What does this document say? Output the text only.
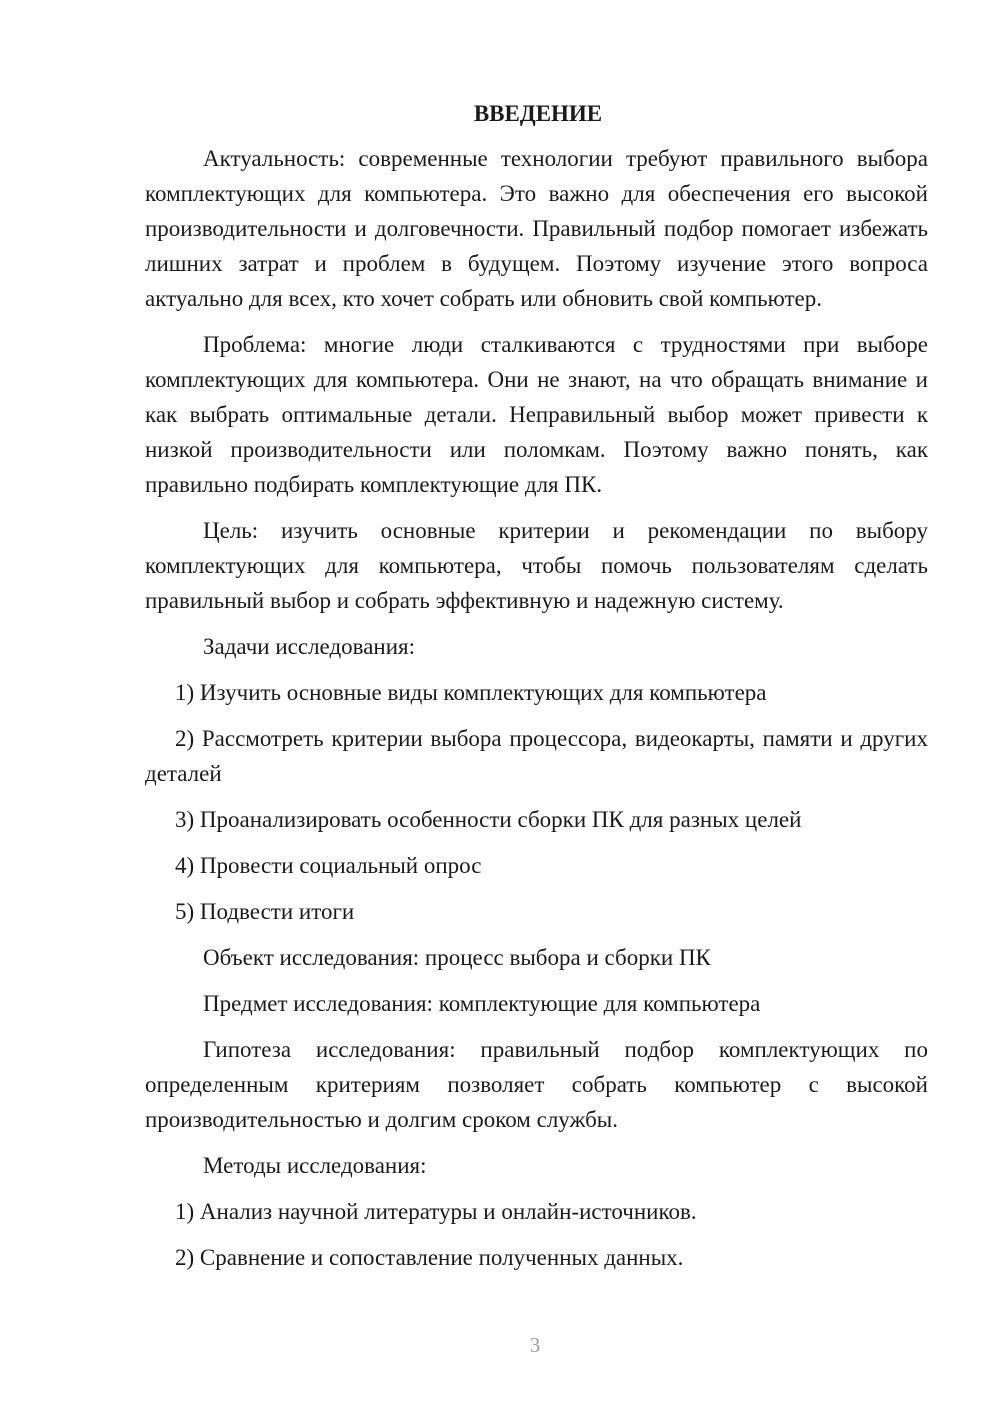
ВВЕДЕНИЕ
Актуальность: современные технологии требуют правильного выбора комплектующих для компьютера. Это важно для обеспечения его высокой производительности и долговечности. Правильный подбор помогает избежать лишних затрат и проблем в будущем. Поэтому изучение этого вопроса актуально для всех, кто хочет собрать или обновить свой компьютер.
Проблема: многие люди сталкиваются с трудностями при выборе комплектующих для компьютера. Они не знают, на что обращать внимание и как выбрать оптимальные детали. Неправильный выбор может привести к низкой производительности или поломкам. Поэтому важно понять, как правильно подбирать комплектующие для ПК.
Цель: изучить основные критерии и рекомендации по выбору комплектующих для компьютера, чтобы помочь пользователям сделать правильный выбор и собрать эффективную и надежную систему.
Задачи исследования:
1) Изучить основные виды комплектующих для компьютера
2) Рассмотреть критерии выбора процессора, видеокарты, памяти и других деталей
3) Проанализировать особенности сборки ПК для разных целей
4) Провести социальный опрос
5) Подвести итоги
Объект исследования: процесс выбора и сборки ПК
Предмет исследования: комплектующие для компьютера
Гипотеза исследования: правильный подбор комплектующих по определенным критериям позволяет собрать компьютер с высокой производительностью и долгим сроком службы.
Методы исследования:
1) Анализ научной литературы и онлайн-источников.
2) Сравнение и сопоставление полученных данных.
3
